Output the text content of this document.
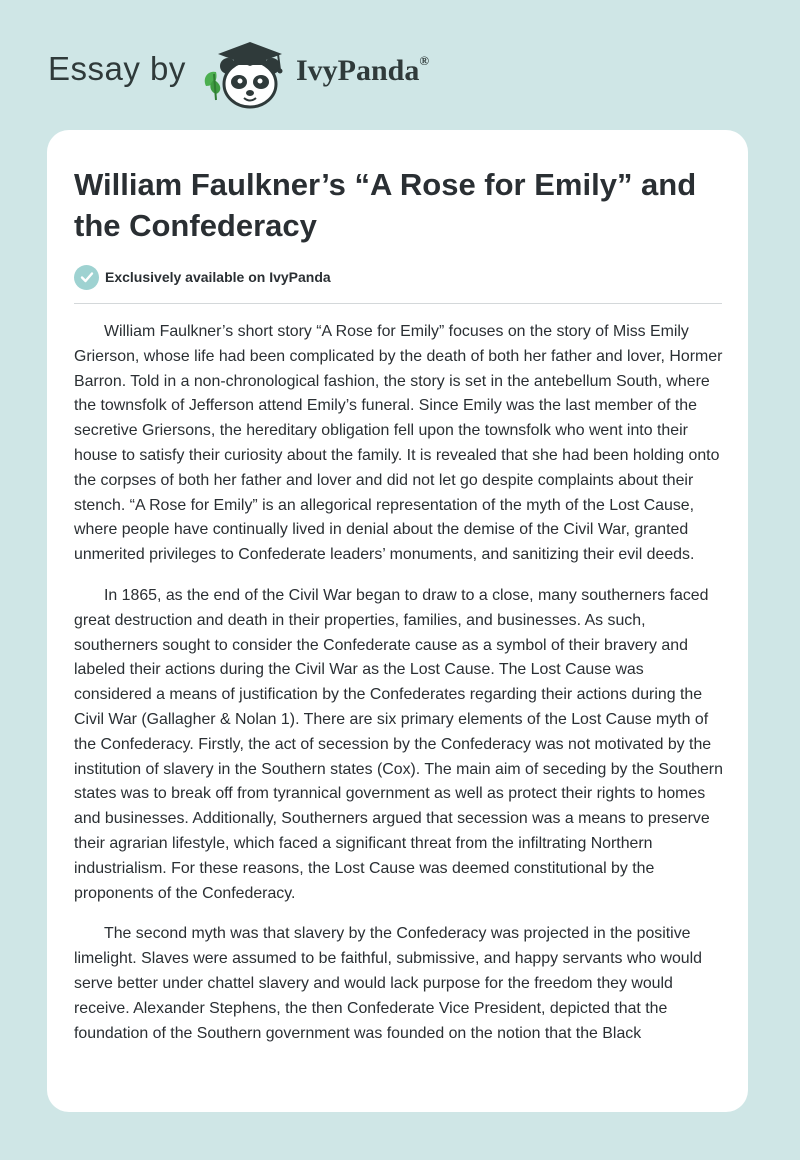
Essay by	IvyPanda®
William Faulkner’s “A Rose for Emily” and the Confederacy
Exclusively available on IvyPanda

William Faulkner’s short story “A Rose for Emily” focuses on the story of Miss Emily Grierson, whose life had been complicated by the death of both her father and lover, Hormer Barron. Told in a non-chronological fashion, the story is set in the antebellum South, where the townsfolk of Jefferson attend Emily’s funeral. Since Emily was the last member of the secretive Griersons, the hereditary obligation fell upon the townsfolk who went into their house to satisfy their curiosity about the family. It is revealed that she had been holding onto the corpses of both her father and lover and did not let go despite complaints about their stench. “A Rose for Emily” is an allegorical representation of the myth of the Lost Cause, where people have continually lived in denial about the demise of the Civil War, granted unmerited privileges to Confederate leaders’ monuments, and sanitizing their evil deeds.

In 1865, as the end of the Civil War began to draw to a close, many southerners faced great destruction and death in their properties, families, and businesses. As such, southerners sought to consider the Confederate cause as a symbol of their bravery and labeled their actions during the Civil War as the Lost Cause. The Lost Cause was considered a means of justification by the Confederates regarding their actions during the Civil War (Gallagher & Nolan 1). There are six primary elements of the Lost Cause myth of the Confederacy. Firstly, the act of secession by the Confederacy was not motivated by the institution of slavery in the Southern states (Cox). The main aim of seceding by the Southern states was to break off from tyrannical government as well as protect their rights to homes and businesses. Additionally, Southerners argued that secession was a means to preserve their agrarian lifestyle, which faced a significant threat from the infiltrating Northern industrialism. For these reasons, the Lost Cause was deemed constitutional by the proponents of the Confederacy.

The second myth was that slavery by the Confederacy was projected in the positive limelight. Slaves were assumed to be faithful, submissive, and happy servants who would serve better under chattel slavery and would lack purpose for the freedom they would receive. Alexander Stephens, the then Confederate Vice President, depicted that the foundation of the Southern government was founded on the notion that the Black
